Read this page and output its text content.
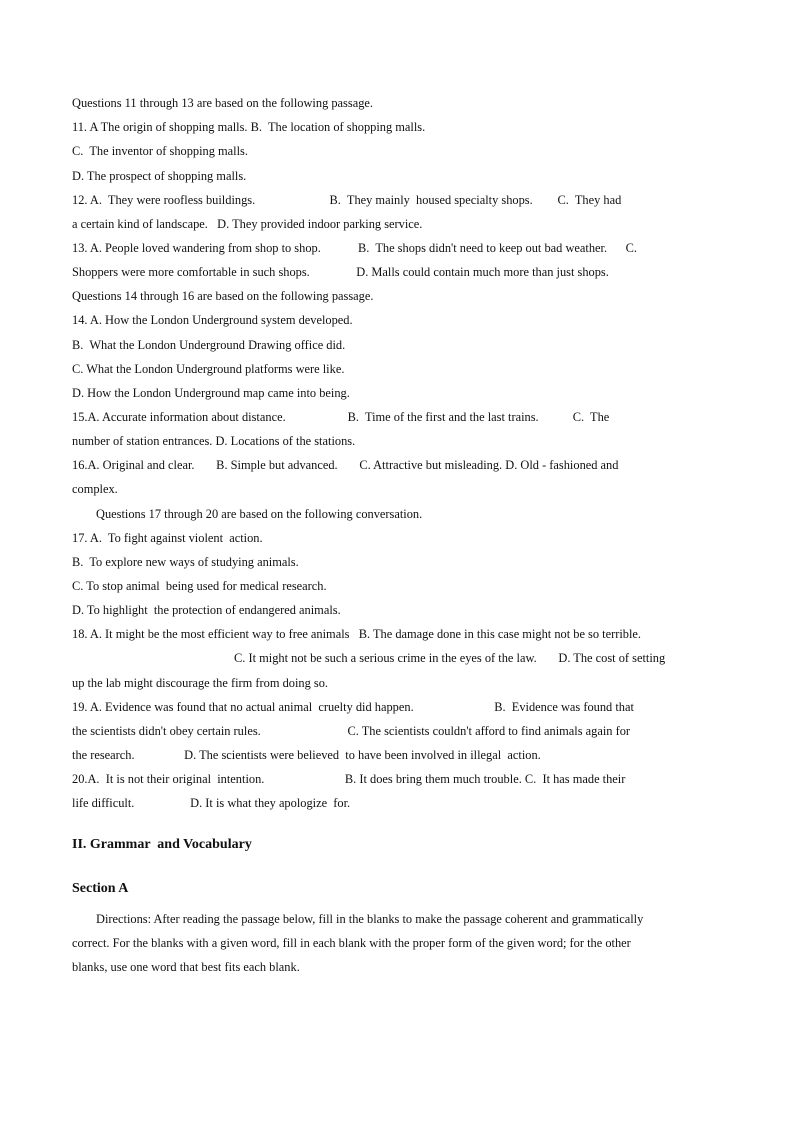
Questions 11 through 13 are based on the following passage.
11. A The origin of shopping malls. B.  The location of shopping malls.
C.  The inventor of shopping malls.
D. The prospect of shopping malls.
12. A.  They were roofless buildings.                        B.  They mainly  housed specialty shops.        C.  They had
a certain kind of landscape.   D. They provided indoor parking service.
13. A. People loved wandering from shop to shop.            B.  The shops didn't need to keep out bad weather.      C.
Shoppers were more comfortable in such shops.               D. Malls could contain much more than just shops.
Questions 14 through 16 are based on the following passage.
14. A. How the London Underground system developed.
B.  What the London Underground Drawing office did.
C. What the London Underground platforms were like.
D. How the London Underground map came into being.
15.A. Accurate information about distance.                    B.  Time of the first and the last trains.           C.  The
number of station entrances. D. Locations of the stations.
16.A. Original and clear.       B. Simple but advanced.       C. Attractive but misleading. D. Old - fashioned and
complex.
Questions 17 through 20 are based on the following conversation.
17. A.  To fight against violent  action.
B.  To explore new ways of studying animals.
C. To stop animal  being used for medical research.
D. To highlight  the protection of endangered animals.
18. A. It might be the most efficient way to free animals   B. The damage done in this case might not be so terrible.
C. It might not be such a serious crime in the eyes of the law.       D. The cost of setting
up the lab might discourage the firm from doing so.
19. A. Evidence was found that no actual animal  cruelty did happen.                          B.  Evidence was found that
the scientists didn't obey certain rules.                            C. The scientists couldn't afford to find animals again for
the research.                D. The scientists were believed  to have been involved in illegal  action.
20.A.  It is not their original  intention.                          B. It does bring them much trouble. C.  It has made their
life difficult.                  D. It is what they apologize  for.
II. Grammar  and Vocabulary
Section A
Directions: After reading the passage below, fill in the blanks to make the passage coherent and grammatically
correct. For the blanks with a given word, fill in each blank with the proper form of the given word; for the other
blanks, use one word that best fits each blank.
